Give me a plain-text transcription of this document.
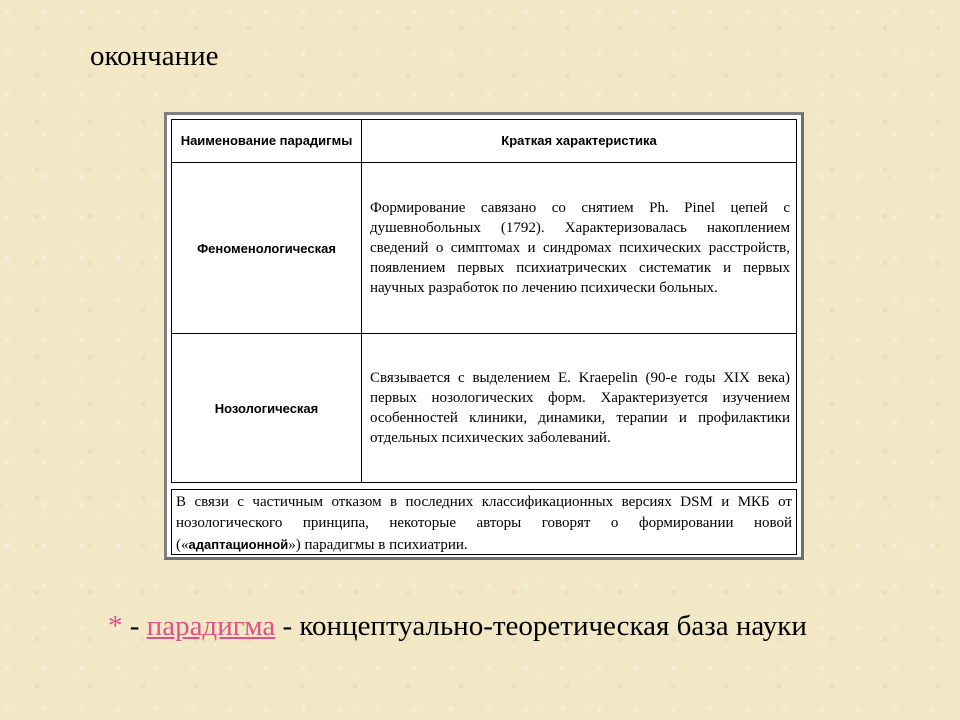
окончание
Наименование парадигмы	Краткая характеристика
Феноменологическая	Формирование савязано со снятием Ph. Pinel цепей с душевнобольных (1792). Характеризовалась накоплением сведений о симптомах и синдромах психических расстройств, появлением первых психиатрических систематик и первых научных разработок по лечению психически больных.
Нозологическая	Связывается с выделением E. Kraepelin (90-е годы XIX века) первых нозологических форм. Характеризуется изучением особенностей клиники, динамики, терапии и профилактики отдельных психических заболеваний.
В связи с частичным отказом в последних классификационных версиях DSM и МКБ от нозологического принципа, некоторые авторы говорят о формировании новой («адаптационной») парадигмы в психиатрии.
* - парадигма - концептуально-теоретическая база науки
